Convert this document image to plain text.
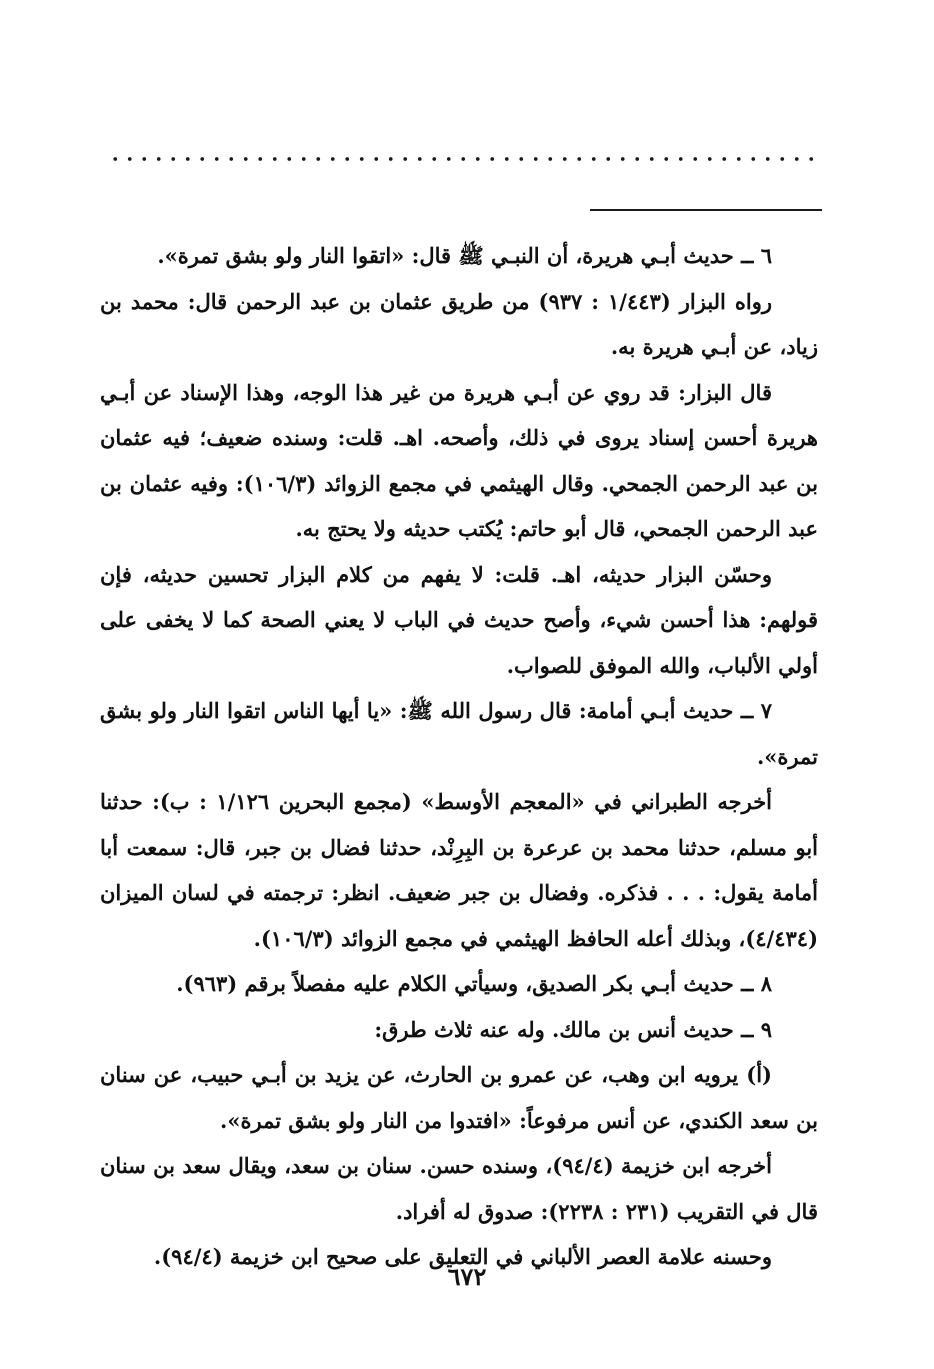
٦ ــ حديث أبـي هريرة، أن النبـي ﷺ قال: «اتقوا النار ولو بشق تمرة».

رواه البزار (١/٤٤٣ : ٩٣٧) من طريق عثمان بن عبد الرحمن قال: محمد بن زياد، عن أبـي هريرة به.

قال البزار: قد روي عن أبـي هريرة من غير هذا الوجه، وهذا الإسناد عن أبـي هريرة أحسن إسناد يروى في ذلك، وأصحه. اهـ. قلت: وسنده ضعيف؛ فيه عثمان بن عبد الرحمن الجمحي. وقال الهيثمي في مجمع الزوائد (١٠٦/٣): وفيه عثمان بن عبد الرحمن الجمحي، قال أبو حاتم: يُكتب حديثه ولا يحتج به.

وحسّن البزار حديثه، اهـ. قلت: لا يفهم من كلام البزار تحسين حديثه، فإن قولهم: هذا أحسن شيء، وأصح حديث في الباب لا يعني الصحة كما لا يخفى على أولي الألباب، والله الموفق للصواب.

٧ ــ حديث أبـي أمامة: قال رسول الله ﷺ: «يا أيها الناس اتقوا النار ولو بشق تمرة».

أخرجه الطبراني في «المعجم الأوسط» (مجمع البحرين ١/١٢٦ : ب): حدثنا أبو مسلم، حدثنا محمد بن عرعرة بن البِرِنْد، حدثنا فضال بن جبر، قال: سمعت أبا أمامة يقول: . . . فذكره. وفضال بن جبر ضعيف. انظر: ترجمته في لسان الميزان (٤/٤٣٤)، وبذلك أعله الحافظ الهيثمي في مجمع الزوائد (١٠٦/٣).

٨ ــ حديث أبـي بكر الصديق، وسيأتي الكلام عليه مفصلاً برقم (٩٦٣).

٩ ــ حديث أنس بن مالك. وله عنه ثلاث طرق:

(أ) يرويه ابن وهب، عن عمرو بن الحارث، عن يزيد بن أبـي حبيب، عن سنان بن سعد الكندي، عن أنس مرفوعاً: «افتدوا من النار ولو بشق تمرة».

أخرجه ابن خزيمة (٩٤/٤)، وسنده حسن. سنان بن سعد، ويقال سعد بن سنان قال في التقريب (٢٣١ : ٢٢٣٨): صدوق له أفراد.

وحسنه علامة العصر الألباني في التعليق على صحيح ابن خزيمة (٩٤/٤).

٦٧٢
